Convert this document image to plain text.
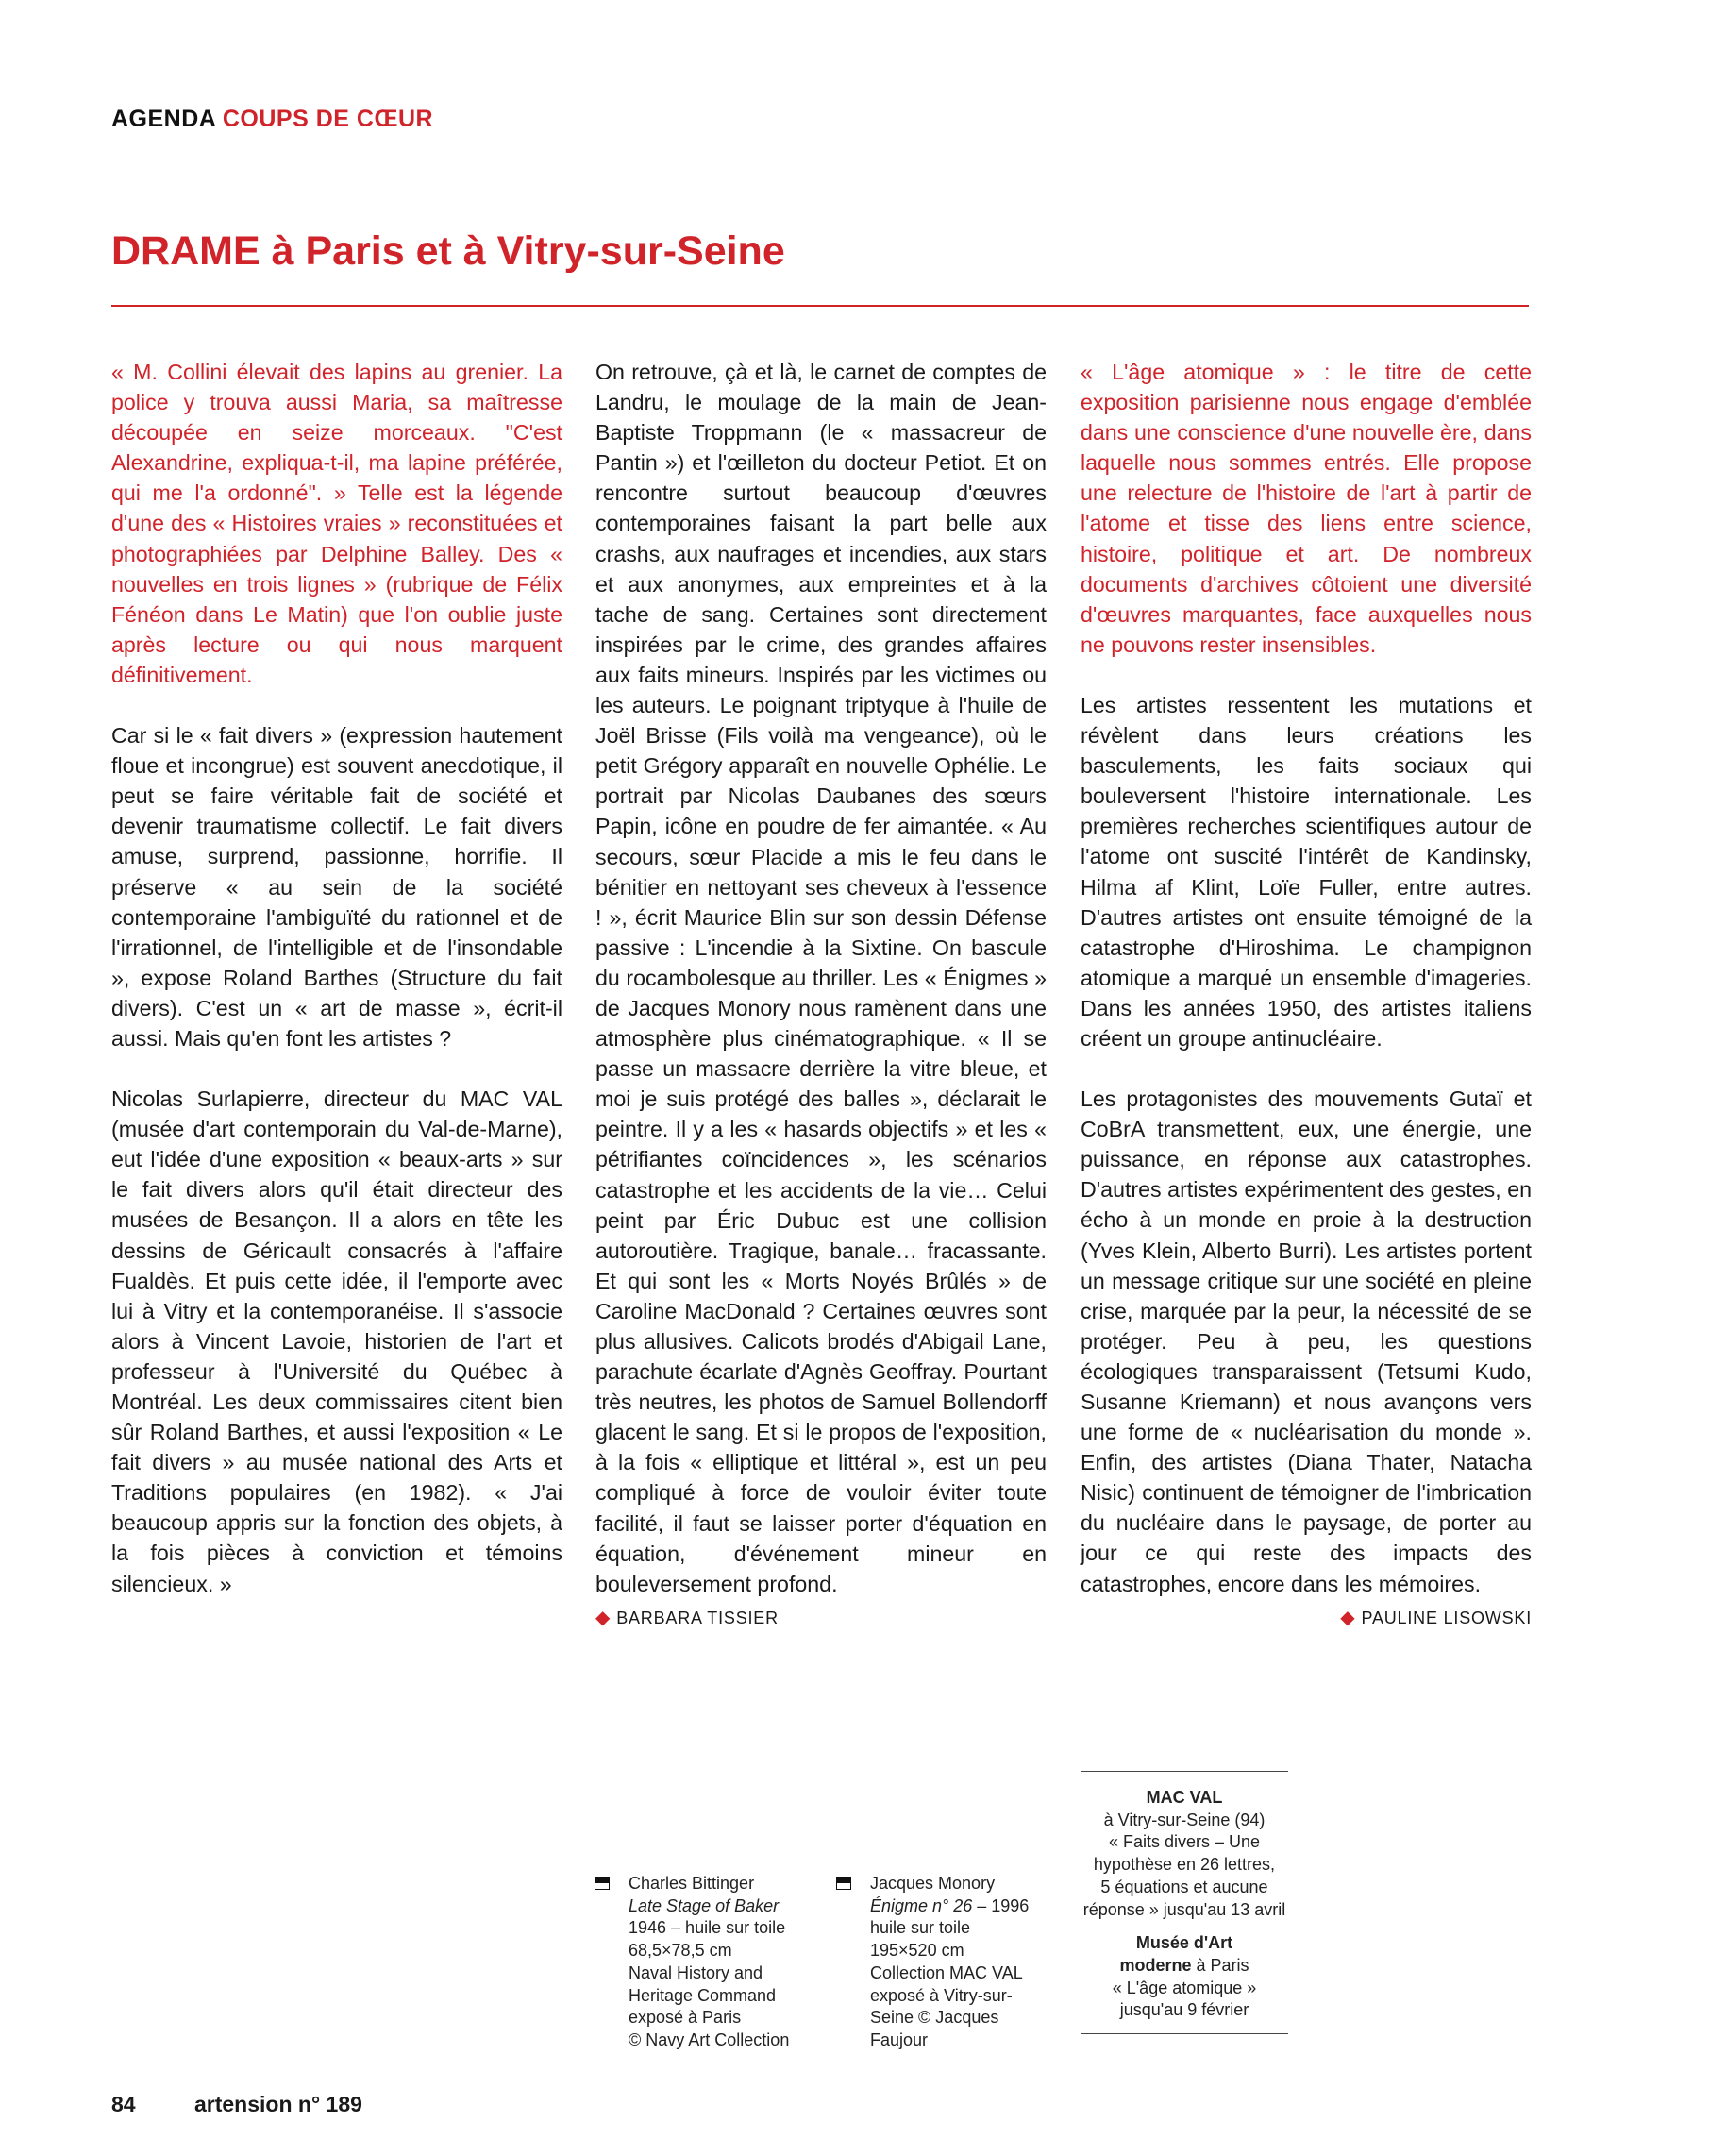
AGENDA COUPS DE CŒUR
DRAME à Paris et à Vitry-sur-Seine

« M. Collini élevait des lapins au grenier. La police y trouva aussi Maria, sa maîtresse découpée en seize morceaux. "C'est Alexandrine, expliqua-t-il, ma lapine préférée, qui me l'a ordonné". » Telle est la légende d'une des « Histoires vraies » reconstituées et photographiées par Delphine Balley. Des « nouvelles en trois lignes » (rubrique de Félix Fénéon dans Le Matin) que l'on oublie juste après lecture ou qui nous marquent définitivement.

Car si le « fait divers » (expression hautement floue et incongrue) est souvent anecdotique, il peut se faire véritable fait de société et devenir traumatisme collectif. Le fait divers amuse, surprend, passionne, horrifie. Il préserve « au sein de la société contemporaine l'ambiguïté du rationnel et de l'irrationnel, de l'intelligible et de l'insondable », expose Roland Barthes (Structure du fait divers). C'est un « art de masse », écrit-il aussi. Mais qu'en font les artistes ?

Nicolas Surlapierre, directeur du MAC VAL (musée d'art contemporain du Val-de-Marne), eut l'idée d'une exposition « beaux-arts » sur le fait divers alors qu'il était directeur des musées de Besançon. Il a alors en tête les dessins de Géricault consacrés à l'affaire Fualdès. Et puis cette idée, il l'emporte avec lui à Vitry et la contemporanéise. Il s'associe alors à Vincent Lavoie, historien de l'art et professeur à l'Université du Québec à Montréal. Les deux commissaires citent bien sûr Roland Barthes, et aussi l'exposition « Le fait divers » au musée national des Arts et Traditions populaires (en 1982). « J'ai beaucoup appris sur la fonction des objets, à la fois pièces à conviction et témoins silencieux. »

On retrouve, çà et là, le carnet de comptes de Landru, le moulage de la main de Jean-Baptiste Troppmann (le « massacreur de Pantin ») et l'œilleton du docteur Petiot. Et on rencontre surtout beaucoup d'œuvres contemporaines faisant la part belle aux crashs, aux naufrages et incendies, aux stars et aux anonymes, aux empreintes et à la tache de sang. Certaines sont directement inspirées par le crime, des grandes affaires aux faits mineurs. Inspirés par les victimes ou les auteurs. Le poignant triptyque à l'huile de Joël Brisse (Fils voilà ma vengeance), où le petit Grégory apparaît en nouvelle Ophélie. Le portrait par Nicolas Daubanes des sœurs Papin, icône en poudre de fer aimantée. « Au secours, sœur Placide a mis le feu dans le bénitier en nettoyant ses cheveux à l'essence ! », écrit Maurice Blin sur son dessin Défense passive : L'incendie à la Sixtine. On bascule du rocambolesque au thriller. Les « Énigmes » de Jacques Monory nous ramènent dans une atmosphère plus cinématographique. « Il se passe un massacre derrière la vitre bleue, et moi je suis protégé des balles », déclarait le peintre. Il y a les « hasards objectifs » et les « pétrifiantes coïncidences », les scénarios catastrophe et les accidents de la vie… Celui peint par Éric Dubuc est une collision autoroutière. Tragique, banale… fracassante. Et qui sont les « Morts Noyés Brûlés » de Caroline MacDonald ? Certaines œuvres sont plus allusives. Calicots brodés d'Abigail Lane, parachute écarlate d'Agnès Geoffray. Pourtant très neutres, les photos de Samuel Bollendorff glacent le sang. Et si le propos de l'exposition, à la fois « elliptique et littéral », est un peu compliqué à force de vouloir éviter toute facilité, il faut se laisser porter d'équation en équation, d'événement mineur en bouleversement profond.

◆ BARBARA TISSIER

« L'âge atomique » : le titre de cette exposition parisienne nous engage d'emblée dans une conscience d'une nouvelle ère, dans laquelle nous sommes entrés. Elle propose une relecture de l'histoire de l'art à partir de l'atome et tisse des liens entre science, histoire, politique et art. De nombreux documents d'archives côtoient une diversité d'œuvres marquantes, face auxquelles nous ne pouvons rester insensibles.

Les artistes ressentent les mutations et révèlent dans leurs créations les basculements, les faits sociaux qui bouleversent l'histoire internationale. Les premières recherches scientifiques autour de l'atome ont suscité l'intérêt de Kandinsky, Hilma af Klint, Loïe Fuller, entre autres. D'autres artistes ont ensuite témoigné de la catastrophe d'Hiroshima. Le champignon atomique a marqué un ensemble d'imageries. Dans les années 1950, des artistes italiens créent un groupe antinucléaire.

Les protagonistes des mouvements Gutaï et CoBrA transmettent, eux, une énergie, une puissance, en réponse aux catastrophes. D'autres artistes expérimentent des gestes, en écho à un monde en proie à la destruction (Yves Klein, Alberto Burri). Les artistes portent un message critique sur une société en pleine crise, marquée par la peur, la nécessité de se protéger. Peu à peu, les questions écologiques transparaissent (Tetsumi Kudo, Susanne Kriemann) et nous avançons vers une forme de « nucléarisation du monde ». Enfin, des artistes (Diana Thater, Natacha Nisic) continuent de témoigner de l'imbrication du nucléaire dans le paysage, de porter au jour ce qui reste des impacts des catastrophes, encore dans les mémoires.

◆ PAULINE LISOWSKI
Charles Bittinger
Late Stage of Baker
1946 – huile sur toile
68,5×78,5 cm
Naval History and
Heritage Command
exposé à Paris
© Navy Art Collection
Jacques Monory
Énigme n° 26 – 1996
huile sur toile
195×520 cm
Collection MAC VAL
exposé à Vitry-sur-
Seine © Jacques
Faujour
MAC VAL
à Vitry-sur-Seine (94)
« Faits divers – Une
hypothèse en 26 lettres,
5 équations et aucune
réponse » jusqu'au 13 avril
Musée d'Art
moderne à Paris
« L'âge atomique »
jusqu'au 9 février
84	artension n° 189
